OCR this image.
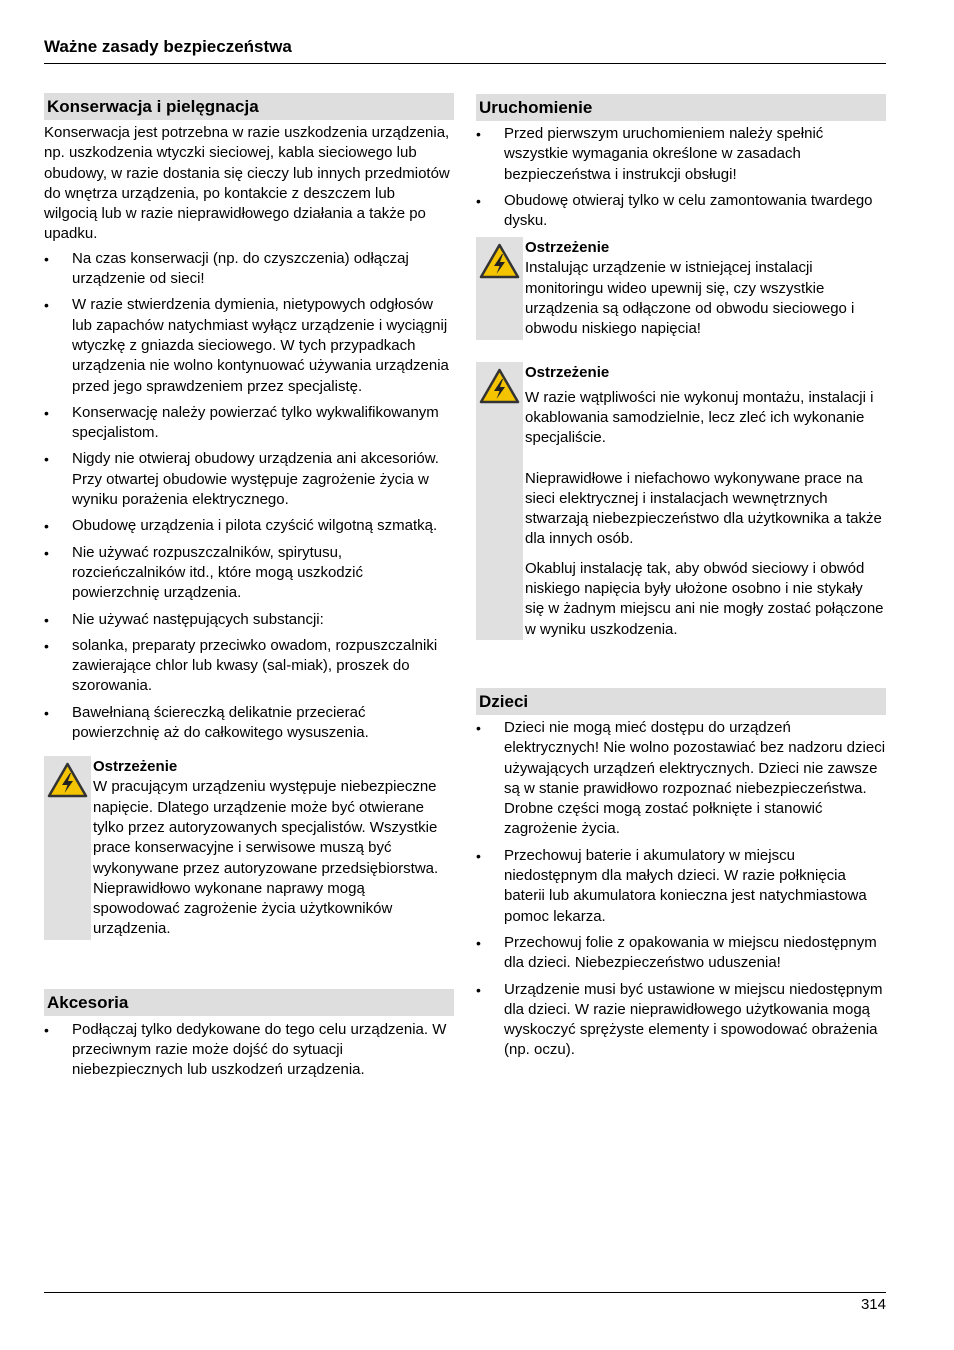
Ważne zasady bezpieczeństwa
Konserwacja i pielęgnacja

Konserwacja jest potrzebna w razie uszkodzenia urządzenia, np. uszkodzenia wtyczki sieciowej, kabla sieciowego lub obudowy, w razie dostania się cieczy lub innych przedmiotów do wnętrza urządzenia, po kontakcie z deszczem lub wilgocią lub w razie nieprawidłowego działania a także po upadku.

• Na czas konserwacji (np. do czyszczenia) odłączaj urządzenie od sieci!
• W razie stwierdzenia dymienia, nietypowych odgłosów lub zapachów natychmiast wyłącz urządzenie i wyciągnij wtyczkę z gniazda sieciowego. W tych przypadkach urządzenia nie wolno kontynuować używania urządzenia przed jego sprawdzeniem przez specjalistę.
• Konserwację należy powierzać tylko wykwalifikowanym specjalistom.
• Nigdy nie otwieraj obudowy urządzenia ani akcesoriów. Przy otwartej obudowie występuje zagrożenie życia w wyniku porażenia elektrycznego.
• Obudowę urządzenia i pilota czyścić wilgotną szmatką.
• Nie używać rozpuszczalników, spirytusu, rozcieńczalników itd., które mogą uszkodzić powierzchnię urządzenia.
• Nie używać następujących substancji:
• solanka, preparaty przeciwko owadom, rozpuszczalniki zawierające chlor lub kwasy (sal-miak), proszek do szorowania.
• Bawełnianą ściereczką delikatnie przecierać powierzchnię aż do całkowitego wysuszenia.
Ostrzeżenie

W pracującym urządzeniu występuje niebezpieczne napięcie. Dlatego urządzenie może być otwierane tylko przez autoryzowanych specjalistów. Wszystkie prace konserwacyjne i serwisowe muszą być wykonywane przez autoryzowane przedsiębiorstwa. Nieprawidłowo wykonane naprawy mogą spowodować zagrożenie życia użytkowników urządzenia.

Akcesoria
• Podłączaj tylko dedykowane do tego celu urządzenia. W przeciwnym razie może dojść do sytuacji niebezpiecznych lub uszkodzeń urządzenia.
Uruchomienie
• Przed pierwszym uruchomieniem należy spełnić wszystkie wymagania określone w zasadach bezpieczeństwa i instrukcji obsługi!
• Obudowę otwieraj tylko w celu zamontowania twardego dysku.
Ostrzeżenie

Instalując urządzenie w istniejącej instalacji monitoringu wideo upewnij się, czy wszystkie urządzenia są odłączone od obwodu sieciowego i obwodu niskiego napięcia!

Ostrzeżenie

W razie wątpliwości nie wykonuj montażu, instalacji i okablowania samodzielnie, lecz zleć ich wykonanie specjaliście.

Nieprawidłowe i niefachowo wykonywane prace na sieci elektrycznej i instalacjach wewnętrznych stwarzają niebezpieczeństwo dla użytkownika a także dla innych osób.

Okabluj instalację tak, aby obwód sieciowy i obwód niskiego napięcia były ułożone osobno i nie stykały się w żadnym miejscu ani nie mogły zostać połączone w wyniku uszkodzenia.

Dzieci
• Dzieci nie mogą mieć dostępu do urządzeń elektrycznych! Nie wolno pozostawiać bez nadzoru dzieci używających urządzeń elektrycznych. Dzieci nie zawsze są w stanie prawidłowo rozpoznać niebezpieczeństwa. Drobne części mogą zostać połknięte i stanowić zagrożenie życia.
• Przechowuj baterie i akumulatory w miejscu niedostępnym dla małych dzieci. W razie połknięcia baterii lub akumulatora konieczna jest natychmiastowa pomoc lekarza.
• Przechowuj folie z opakowania w miejscu niedostępnym dla dzieci. Niebezpieczeństwo uduszenia!
• Urządzenie musi być ustawione w miejscu niedostępnym dla dzieci. W razie nieprawidłowego użytkowania mogą wyskoczyć sprężyste elementy i spowodować obrażenia (np. oczu).
314
